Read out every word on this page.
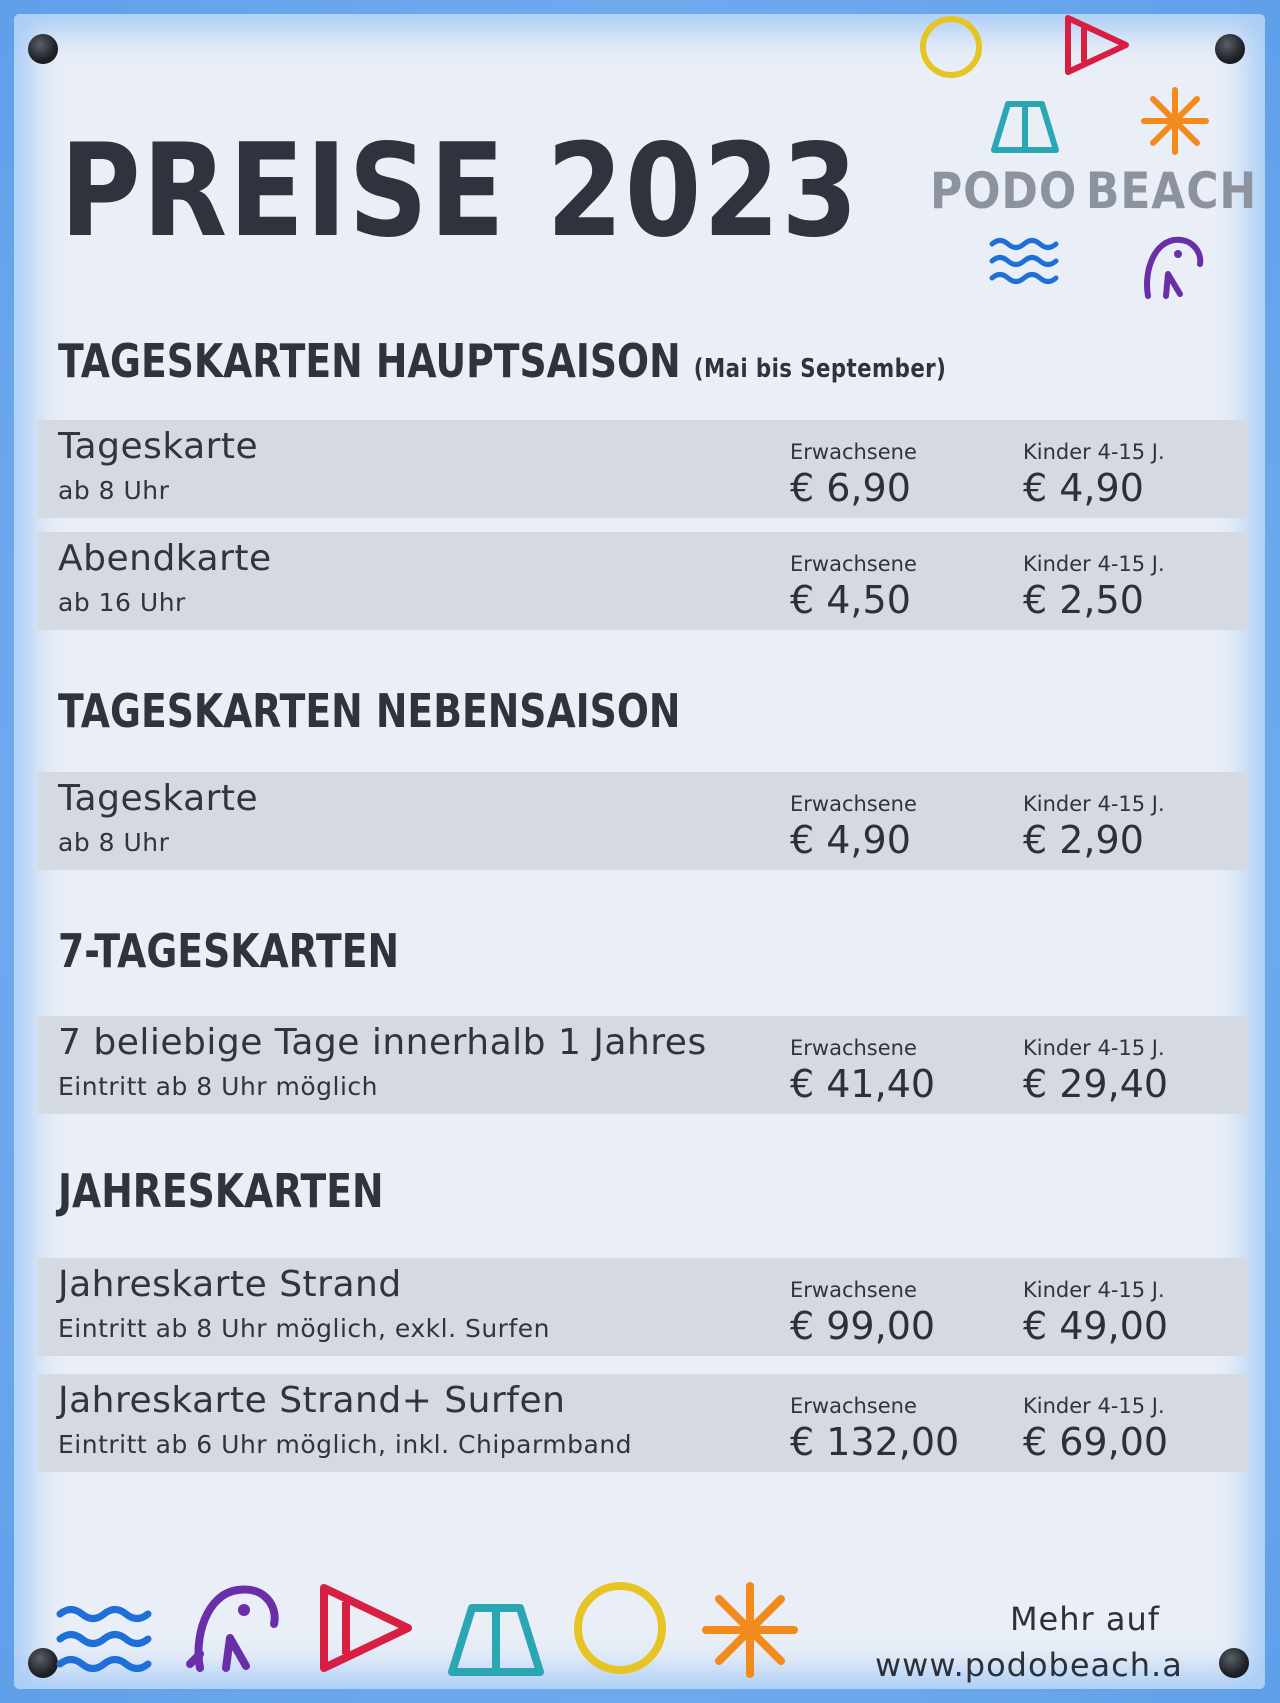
PREISE 2023 PODO BEACH
TAGESKARTEN HAUPTSAISON (Mai bis September)
Tageskarte
ab 8 Uhr
Erwachsene
€ 6,90
Kinder 4-15 J.
€ 4,90
Abendkarte
ab 16 Uhr
Erwachsene
€ 4,50
Kinder 4-15 J.
€ 2,50
TAGESKARTEN NEBENSAISON
Tageskarte
ab 8 Uhr
Erwachsene
€ 4,90
Kinder 4-15 J.
€ 2,90
7-TAGESKARTEN
7 beliebige Tage innerhalb 1 Jahres
Eintritt ab 8 Uhr möglich
Erwachsene
€ 41,40
Kinder 4-15 J.
€ 29,40
JAHRESKARTEN
Jahreskarte Strand
Eintritt ab 8 Uhr möglich, exkl. Surfen
Erwachsene
€ 99,00
Kinder 4-15 J.
€ 49,00
Jahreskarte Strand+ Surfen
Eintritt ab 6 Uhr möglich, inkl. Chiparmband
Erwachsene
€ 132,00
Kinder 4-15 J.
€ 69,00
Mehr auf
www.podobeach.a
